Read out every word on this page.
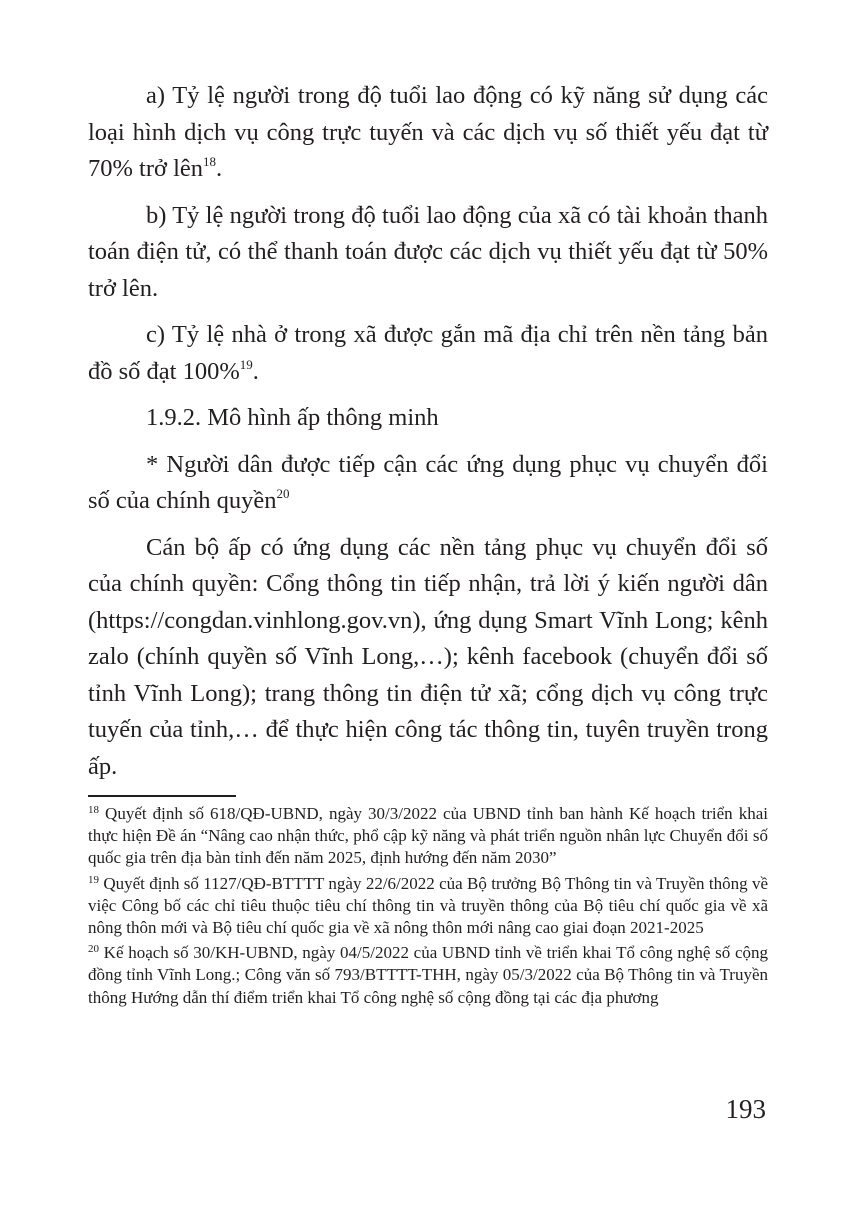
a) Tỷ lệ người trong độ tuổi lao động có kỹ năng sử dụng các loại hình dịch vụ công trực tuyến và các dịch vụ số thiết yếu đạt từ 70% trở lên$^{18}$.

b) Tỷ lệ người trong độ tuổi lao động của xã có tài khoản thanh toán điện tử, có thể thanh toán được các dịch vụ thiết yếu đạt từ 50% trở lên.

c) Tỷ lệ nhà ở trong xã được gắn mã địa chỉ trên nền tảng bản đồ số đạt 100%$^{19}$.

1.9.2. Mô hình ấp thông minh

* Người dân được tiếp cận các ứng dụng phục vụ chuyển đổi số của chính quyền$^{20}$

Cán bộ ấp có ứng dụng các nền tảng phục vụ chuyển đổi số của chính quyền: Cổng thông tin tiếp nhận, trả lời ý kiến người dân (https://congdan.vinhlong.gov.vn), ứng dụng Smart Vĩnh Long; kênh zalo (chính quyền số Vĩnh Long,…); kênh facebook (chuyển đổi số tỉnh Vĩnh Long); trang thông tin điện tử xã; cổng dịch vụ công trực tuyến của tỉnh,… để thực hiện công tác thông tin, tuyên truyền trong ấp.

$^{18}$ Quyết định số 618/QĐ-UBND, ngày 30/3/2022 của UBND tỉnh ban hành Kế hoạch triển khai thực hiện Đề án “Nâng cao nhận thức, phổ cập kỹ năng và phát triển nguồn nhân lực Chuyển đổi số quốc gia trên địa bàn tỉnh đến năm 2025, định hướng đến năm 2030”

$^{19}$ Quyết định số 1127/QĐ-BTTTT ngày 22/6/2022 của Bộ trưởng Bộ Thông tin và Truyền thông về việc Công bố các chỉ tiêu thuộc tiêu chí thông tin và truyền thông của Bộ tiêu chí quốc gia về xã nông thôn mới và Bộ tiêu chí quốc gia về xã nông thôn mới nâng cao giai đoạn 2021-2025

$^{20}$ Kế hoạch số 30/KH-UBND, ngày 04/5/2022 của UBND tỉnh về triển khai Tổ công nghệ số cộng đồng tỉnh Vĩnh Long.; Công văn số 793/BTTTT-THH, ngày 05/3/2022 của Bộ Thông tin và Truyền thông Hướng dẫn thí điểm triển khai Tổ công nghệ số cộng đồng tại các địa phương

193
